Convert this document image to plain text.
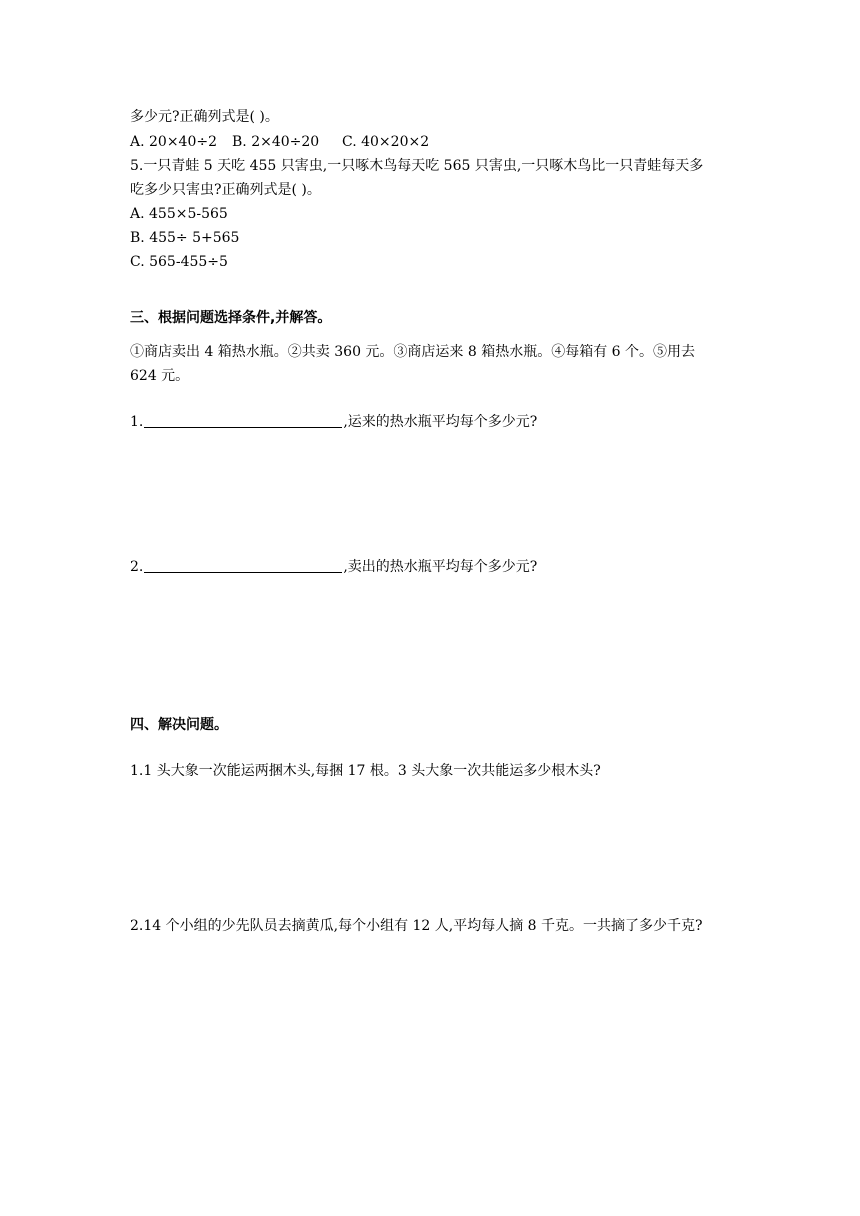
多少元?正确列式是( )。
A. 20×40÷2 B. 2×40÷20 C. 40×20×2
5.一只青蛙 5 天吃 455 只害虫,一只啄木鸟每天吃 565 只害虫,一只啄木鸟比一只青蛙每天多
吃多少只害虫?正确列式是( )。
A. 455×5-565
B. 455÷ 5+565
C. 565-455÷5
三、根据问题选择条件,并解答。
①商店卖出 4 箱热水瓶。②共卖 360 元。③商店运来 8 箱热水瓶。④每箱有 6 个。⑤用去
624 元。
1.	,运来的热水瓶平均每个多少元?
2.	,卖出的热水瓶平均每个多少元?
四、解决问题。
1.1 头大象一次能运两捆木头,每捆 17 根。3 头大象一次共能运多少根木头?
2.14 个小组的少先队员去摘黄瓜,每个小组有 12 人,平均每人摘 8 千克。一共摘了多少千克?
